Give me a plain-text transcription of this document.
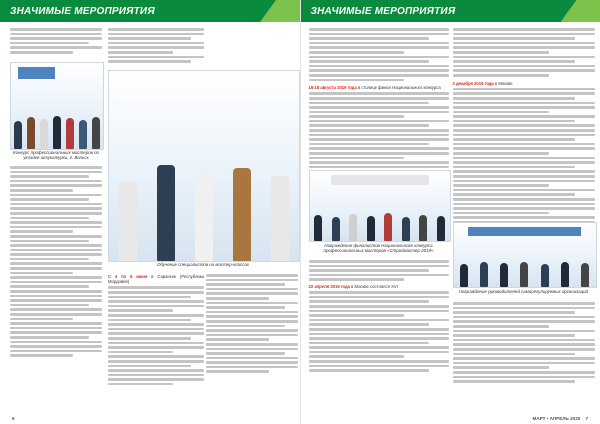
ЗНАЧИМЫЕ МЕРОПРИЯТИЯ
Конкурс профессиональных мастеров по укладке штукатурки, г. Вольск
Обучение специалистов на мастер-классах

С 4 по 6 июня в Саранске (Республика Мордовия)

6
ЗНАЧИМЫЕ МЕРОПРИЯТИЯ

16-18 августа 2019 года в столице финал Национального конкурса

Награждение финалистов Национального конкурса профессиональных мастеров «Строймастер-2019»

22 апреля 2019 года в Москве состоялся XVI

2 декабря 2019 года в Москве

Награждение руководителей саморегулируемых организаций
МАРТ • АПРЕЛЬ 2020 7
